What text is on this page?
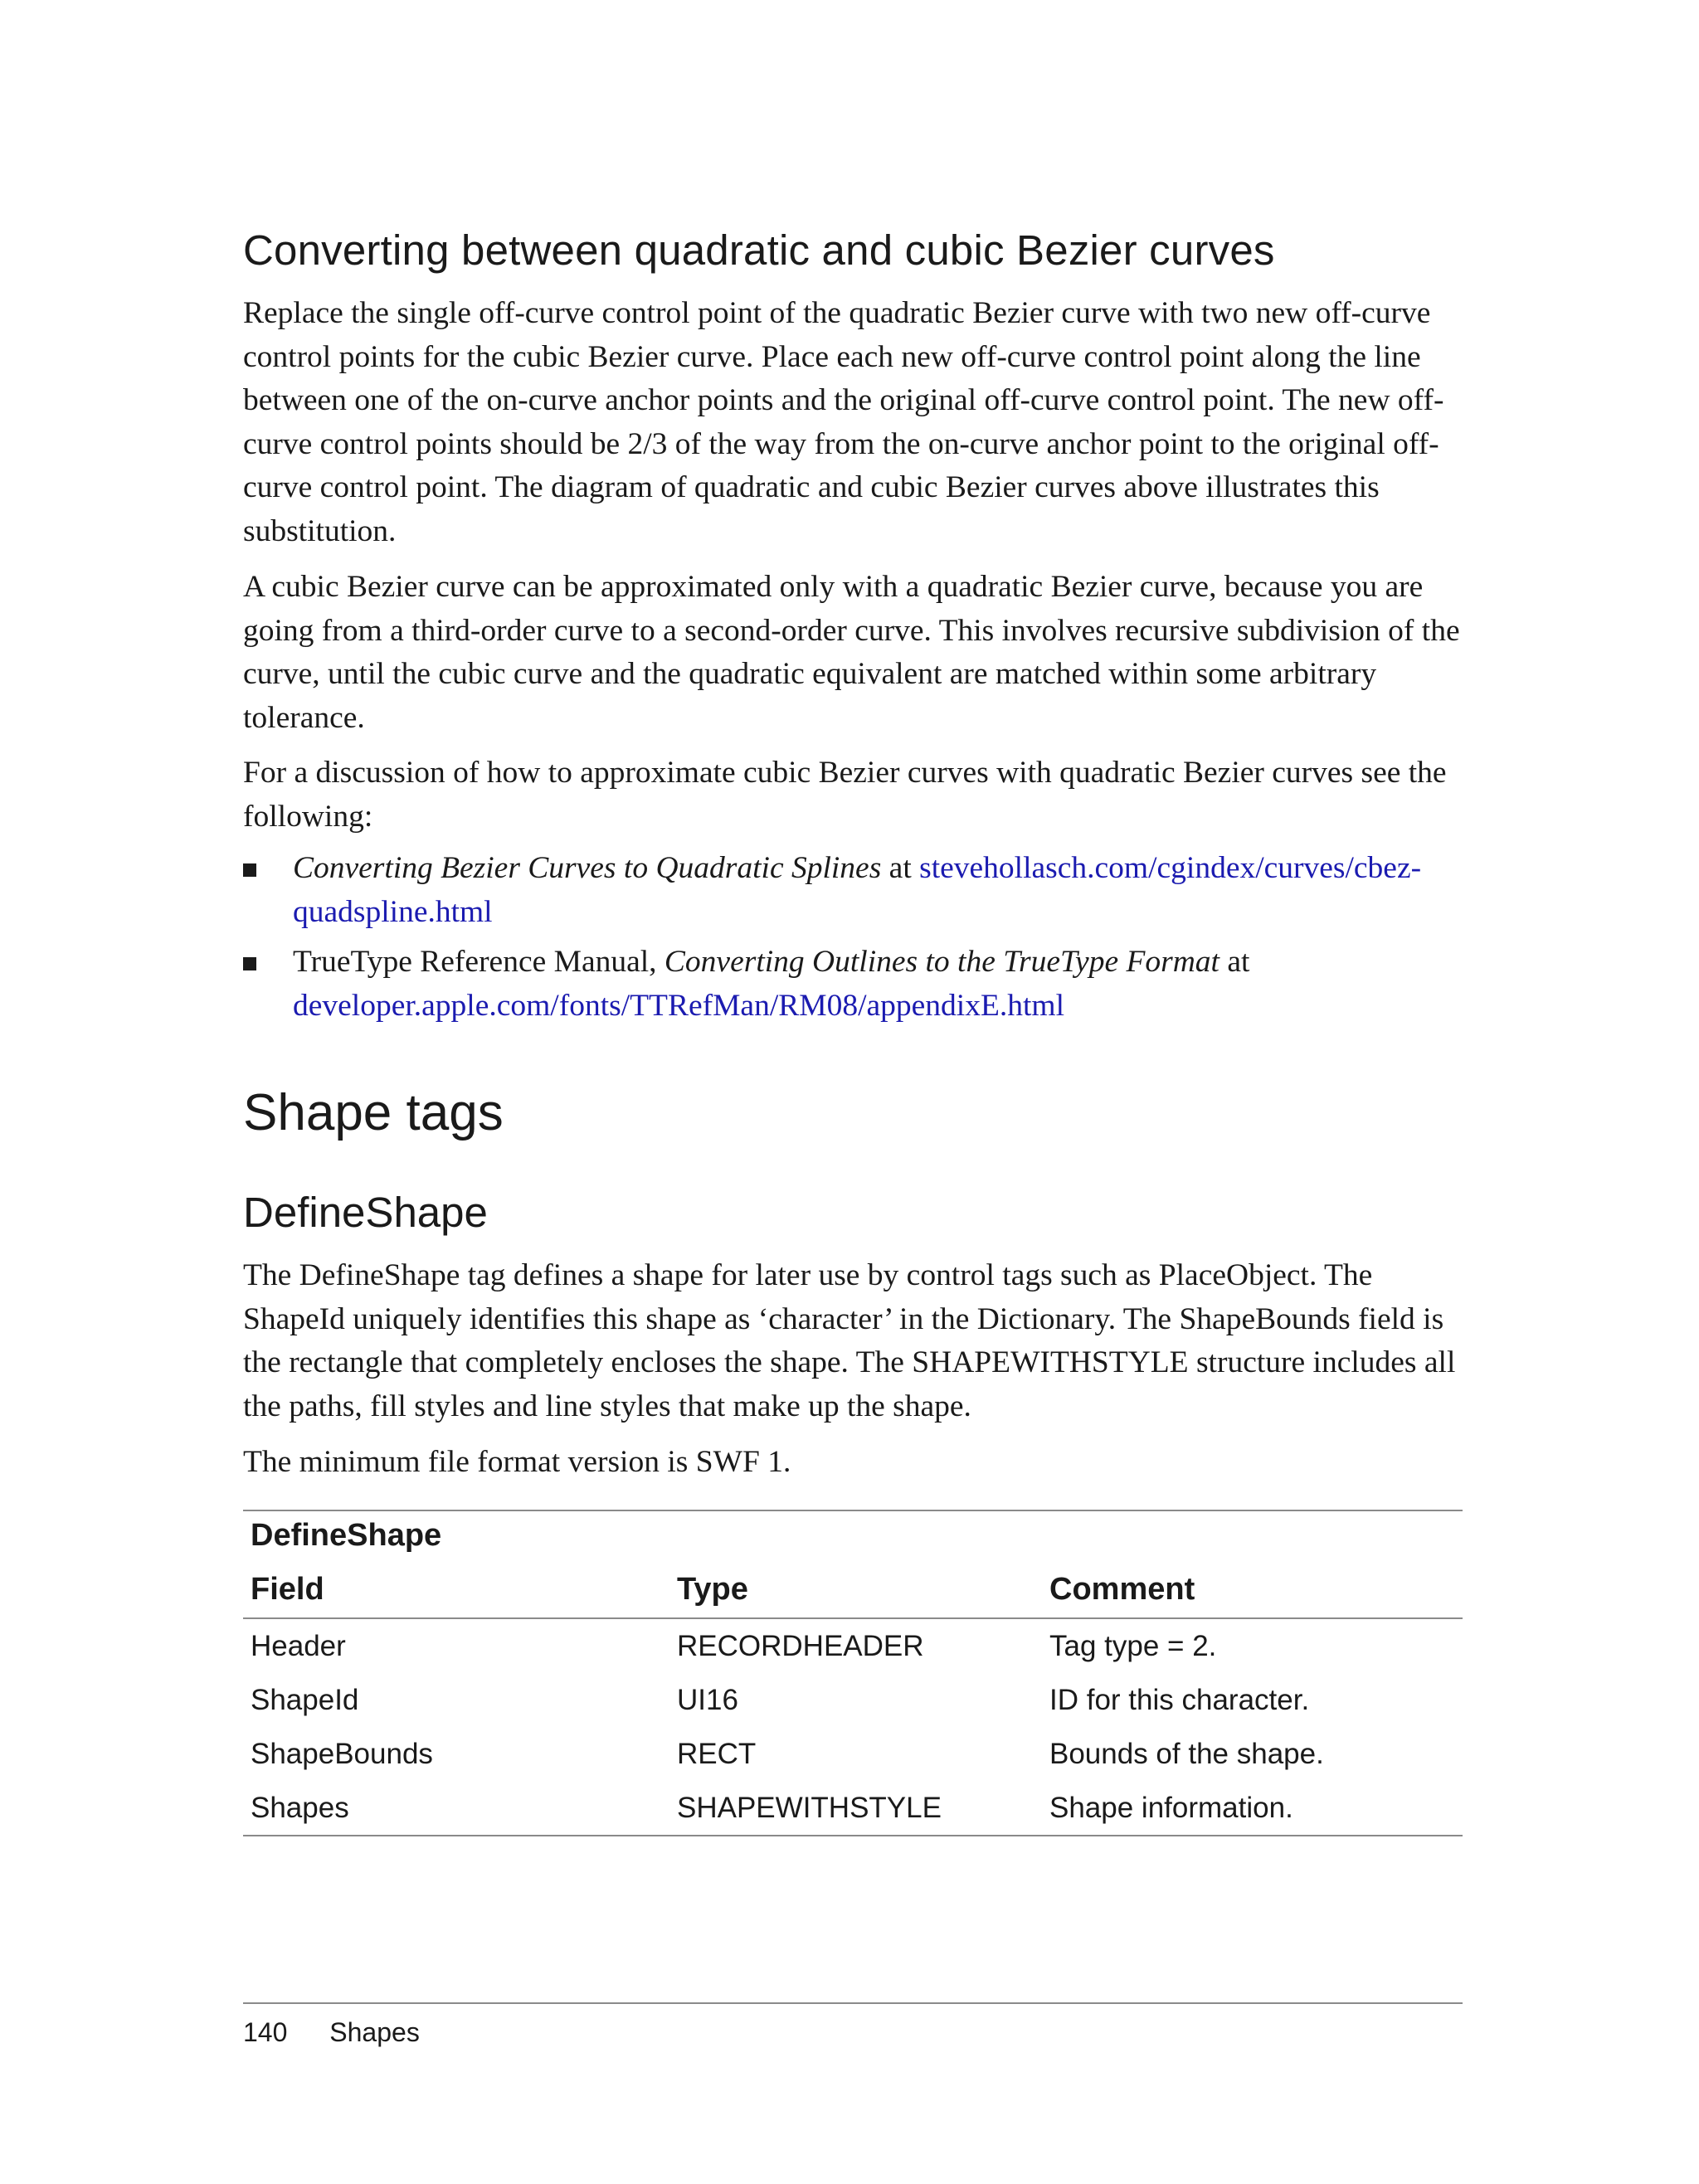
Converting between quadratic and cubic Bezier curves

Replace the single off-curve control point of the quadratic Bezier curve with two new off-curve control points for the cubic Bezier curve. Place each new off-curve control point along the line between one of the on-curve anchor points and the original off-curve control point. The new off-curve control points should be 2/3 of the way from the on-curve anchor point to the original off-curve control point. The diagram of quadratic and cubic Bezier curves above illustrates this substitution.

A cubic Bezier curve can be approximated only with a quadratic Bezier curve, because you are going from a third-order curve to a second-order curve. This involves recursive subdivision of the curve, until the cubic curve and the quadratic equivalent are matched within some arbitrary tolerance.

For a discussion of how to approximate cubic Bezier curves with quadratic Bezier curves see the following:

Converting Bezier Curves to Quadratic Splines at stevehollasch.com/cgindex/curves/cbez-quadspline.html
TrueType Reference Manual, Converting Outlines to the TrueType Format at
developer.apple.com/fonts/TTRefMan/RM08/appendixE.html
Shape tags
DefineShape

The DefineShape tag defines a shape for later use by control tags such as PlaceObject. The ShapeId uniquely identifies this shape as ‘character’ in the Dictionary. The ShapeBounds field is the rectangle that completely encloses the shape. The SHAPEWITHSTYLE structure includes all the paths, fill styles and line styles that make up the shape.

The minimum file format version is SWF 1.

DefineShape

Field	Type	Comment
Header	RECORDHEADER	Tag type = 2.
ShapeId	UI16	ID for this character.
ShapeBounds	RECT	Bounds of the shape.
Shapes	SHAPEWITHSTYLE	Shape information.
140 Shapes
